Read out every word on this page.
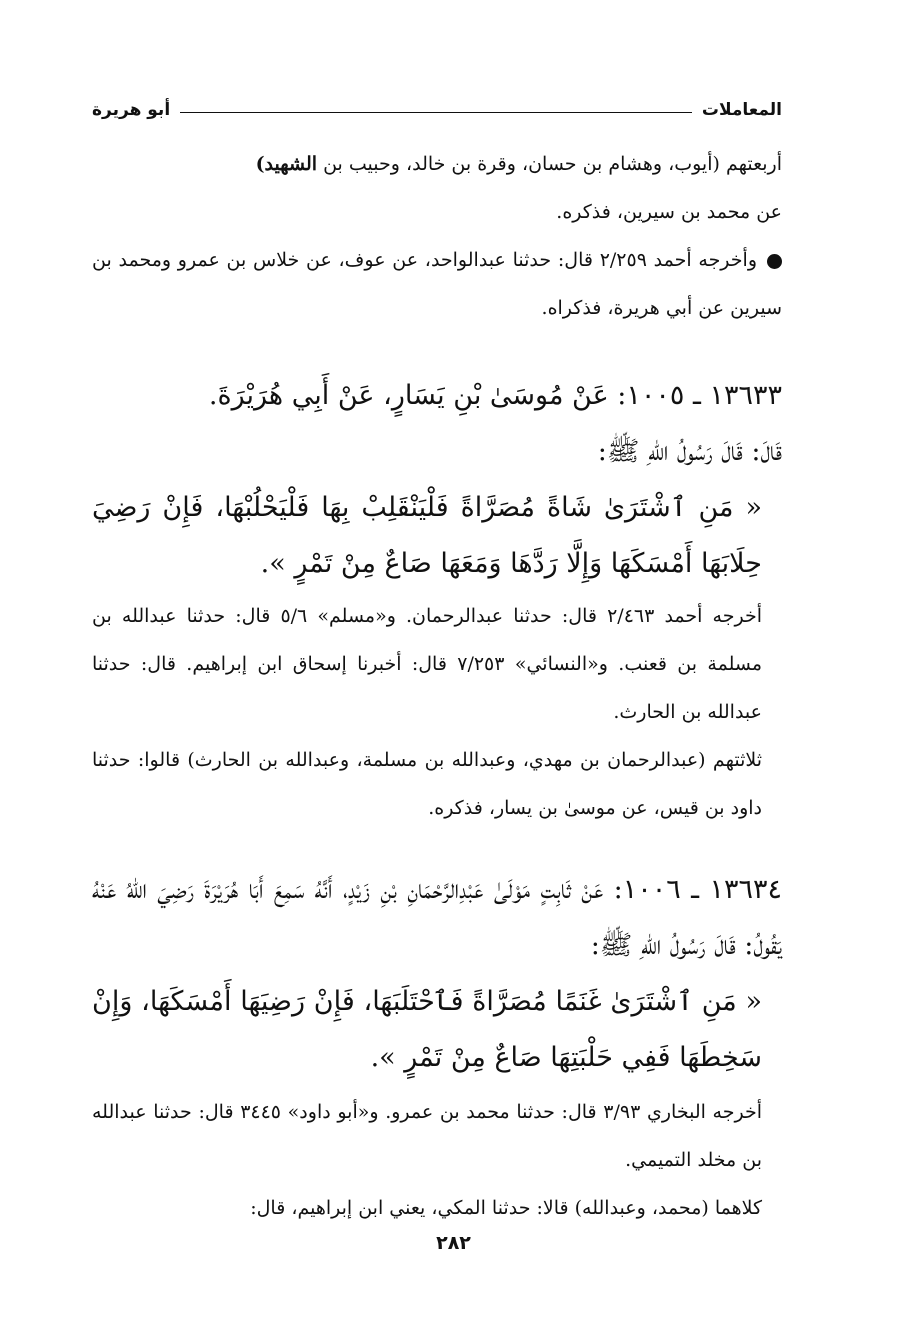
المعاملات
أبو هريرة

أربعتهم (أيوب، وهشام بن حسان، وقرة بن خالد، وحبيب بن الشهيد)

عن محمد بن سيرين، فذكره.

وأخرجه أحمد ٢/٢٥٩ قال: حدثنا عبدالواحد، عن عوف، عن خلاس بن عمرو ومحمد بن سيرين عن أبي هريرة، فذكراه.

١٣٦٣٣ ـ ١٠٠٥: عَنْ مُوسَىٰ بْنِ يَسَارٍ، عَنْ أَبِي هُرَيْرَةَ.

قَالَ: قَالَ رَسُولُ اللهِ ﷺ:

« مَنِ ٱشْتَرَىٰ شَاةً مُصَرَّاةً فَلْيَنْقَلِبْ بِهَا فَلْيَحْلُبْهَا، فَإِنْ رَضِيَ حِلَابَهَا أَمْسَكَهَا وَإِلَّا رَدَّهَا وَمَعَهَا صَاعٌ مِنْ تَمْرٍ ».

أخرجه أحمد ٢/٤٦٣ قال: حدثنا عبدالرحمان. و«مسلم» ٥/٦ قال: حدثنا عبدالله بن مسلمة بن قعنب. و«النسائي» ٧/٢٥٣ قال: أخبرنا إسحاق ابن إبراهيم. قال: حدثنا عبدالله بن الحارث.

ثلاثتهم (عبدالرحمان بن مهدي، وعبدالله بن مسلمة، وعبدالله بن الحارث) قالوا: حدثنا داود بن قيس، عن موسىٰ بن يسار، فذكره.

١٣٦٣٤ ـ ١٠٠٦: عَنْ ثَابِتٍ مَوْلَىٰ عَبْدِالرَّحْمَانِ بْنِ زَيْدٍ، أَنَّهُ سَمِعَ أَبَا هُرَيْرَةَ رَضِيَ اللهُ عَنْهُ يَقُولُ: قَالَ رَسُولُ اللهِ ﷺ:

« مَنِ ٱشْتَرَىٰ غَنَمًا مُصَرَّاةً فَٱحْتَلَبَهَا، فَإِنْ رَضِيَهَا أَمْسَكَهَا، وَإِنْ سَخِطَهَا فَفِي حَلْبَتِهَا صَاعٌ مِنْ تَمْرٍ ».

أخرجه البخاري ٣/٩٣ قال: حدثنا محمد بن عمرو. و«أبو داود» ٣٤٤٥ قال: حدثنا عبدالله بن مخلد التميمي.

كلاهما (محمد، وعبدالله) قالا: حدثنا المكي، يعني ابن إبراهيم، قال:

٢٨٢
